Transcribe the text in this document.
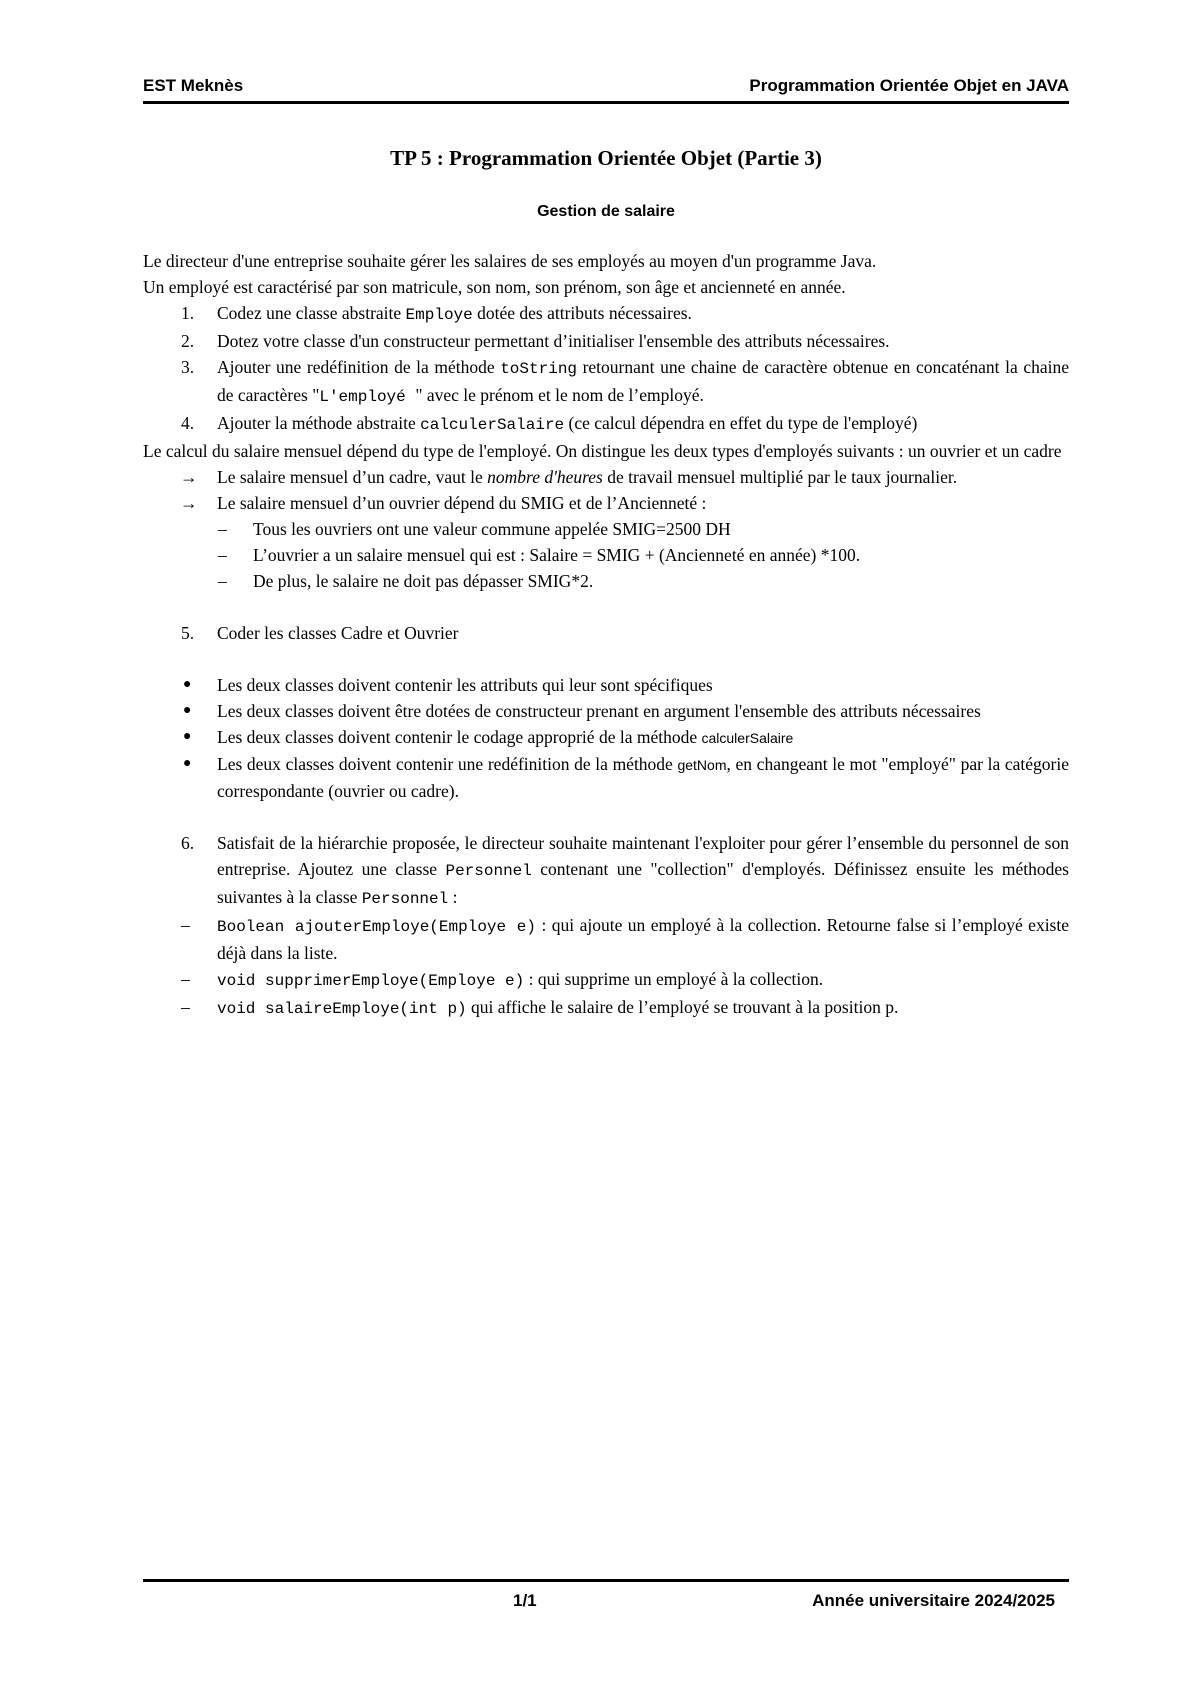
EST Meknès	Programmation Orientée Objet en JAVA
TP 5 : Programmation Orientée Objet (Partie 3)
Gestion de salaire

Le directeur d'une entreprise souhaite gérer les salaires de ses employés au moyen d'un programme Java.

Un employé est caractérisé par son matricule, son nom, son prénom, son âge et ancienneté en année.

1. Codez une classe abstraite Employe dotée des attributs nécessaires.
2. Dotez votre classe d'un constructeur permettant d’initialiser l'ensemble des attributs nécessaires.
3. Ajouter une redéfinition de la méthode toString retournant une chaine de caractère obtenue en concaténant la chaine de caractères "L'employé " avec le prénom et le nom de l’employé.
4. Ajouter la méthode abstraite calculerSalaire (ce calcul dépendra en effet du type de l'employé)

Le calcul du salaire mensuel dépend du type de l'employé. On distingue les deux types d'employés suivants : un ouvrier et un cadre

→ Le salaire mensuel d’un cadre, vaut le nombre d'heures de travail mensuel multiplié par le taux journalier.
→ Le salaire mensuel d’un ouvrier dépend du SMIG et de l’Ancienneté :
– Tous les ouvriers ont une valeur commune appelée SMIG=2500 DH
– L’ouvrier a un salaire mensuel qui est : Salaire = SMIG + (Ancienneté en année) *100.
– De plus, le salaire ne doit pas dépasser SMIG*2.
5. Coder les classes Cadre et Ouvrier
● Les deux classes doivent contenir les attributs qui leur sont spécifiques
● Les deux classes doivent être dotées de constructeur prenant en argument l'ensemble des attributs nécessaires
● Les deux classes doivent contenir le codage approprié de la méthode calculerSalaire
● Les deux classes doivent contenir une redéfinition de la méthode getNom, en changeant le mot "employé" par la catégorie correspondante (ouvrier ou cadre).
6. Satisfait de la hiérarchie proposée, le directeur souhaite maintenant l'exploiter pour gérer l’ensemble du personnel de son entreprise. Ajoutez une classe Personnel contenant une "collection" d'employés. Définissez ensuite les méthodes suivantes à la classe Personnel :
– Boolean ajouterEmploye(Employe e) : qui ajoute un employé à la collection. Retourne false si l’employé existe déjà dans la liste.
– void supprimerEmploye(Employe e) : qui supprime un employé à la collection.
– void salaireEmploye(int p) qui affiche le salaire de l’employé se trouvant à la position p.
1/1	Année universitaire 2024/2025
